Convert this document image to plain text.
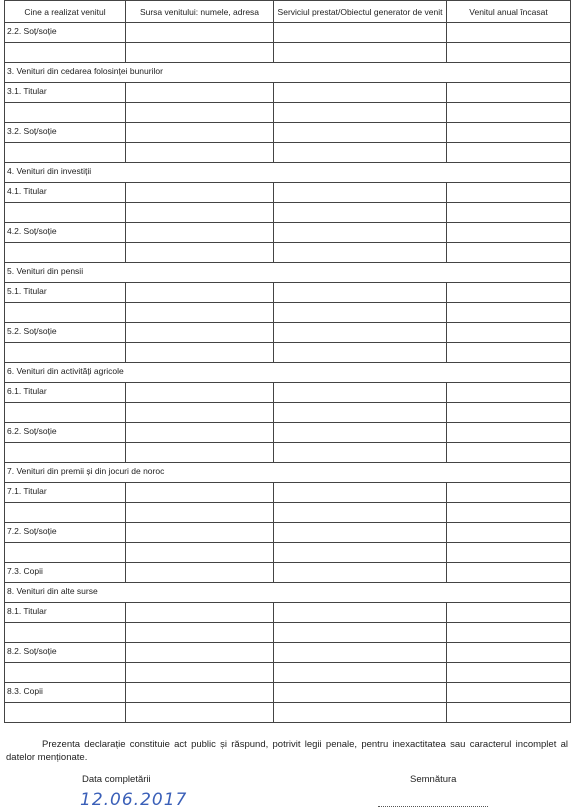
Cine a realizat venitul	Sursa venitului: numele, adresa	Serviciul prestat/Obiectul generator de venit	Venitul anual încasat
2.2. Soț/soție			

3. Venituri din cedarea folosinței bunurilor			
3.1. Titular			

3.2. Soț/soție			

4. Venituri din investiții			
4.1. Titular			

4.2. Soț/soție			

5. Venituri din pensii			
5.1. Titular			

5.2. Soț/soție			

6. Venituri din activități agricole			
6.1. Titular			

6.2. Soț/soție			

7. Venituri din premii și din jocuri de noroc			
7.1. Titular			

7.2. Soț/soție			

7.3. Copii			
8. Venituri din alte surse			
8.1. Titular			

8.2. Soț/soție			

8.3. Copii			

Prezenta declarație constituie act public și răspund, potrivit legii penale, pentru inexactitatea sau caracterul incomplet al datelor menționate.

Data completării	Semnătura
12.06.2017
